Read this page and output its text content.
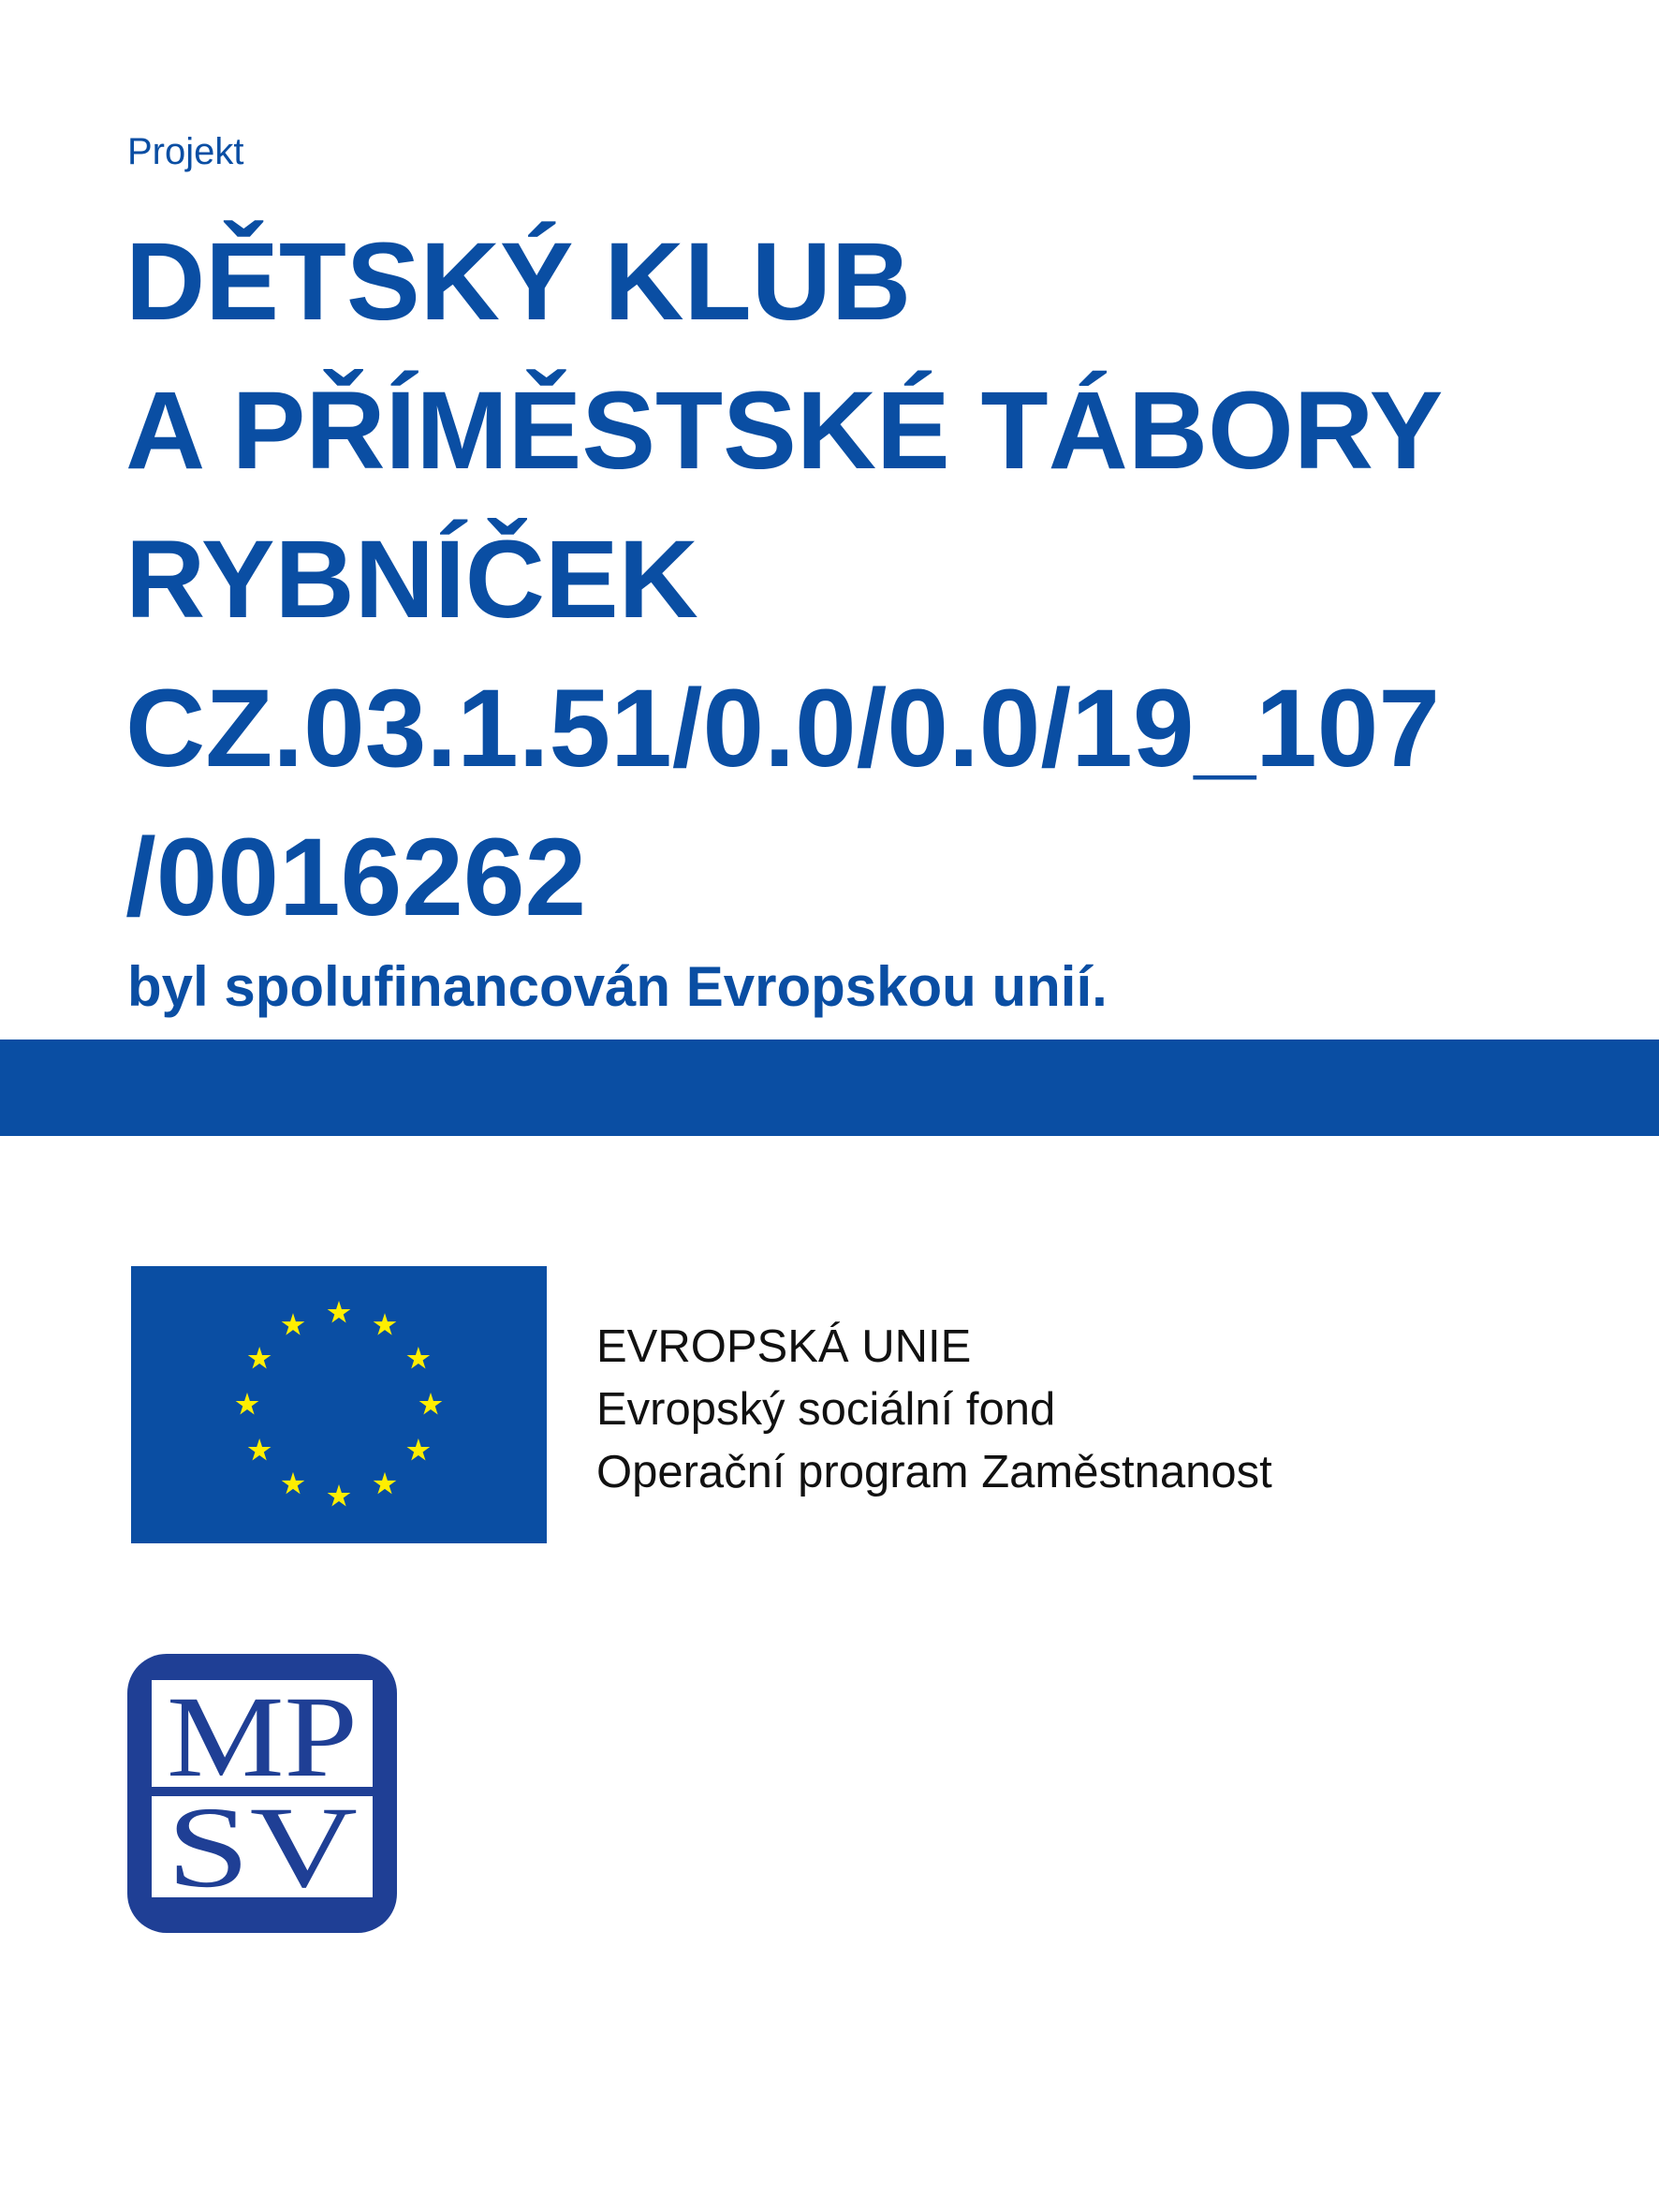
Projekt
DĚTSKÝ KLUB
A PŘÍMĚSTSKÉ TÁBORY
RYBNÍČEK
CZ.03.1.51/0.0/0.0/19_107
/0016262
byl spolufinancován Evropskou unií.
EVROPSKÁ UNIE
Evropský sociální fond
Operační program Zaměstnanost
MP
SV
